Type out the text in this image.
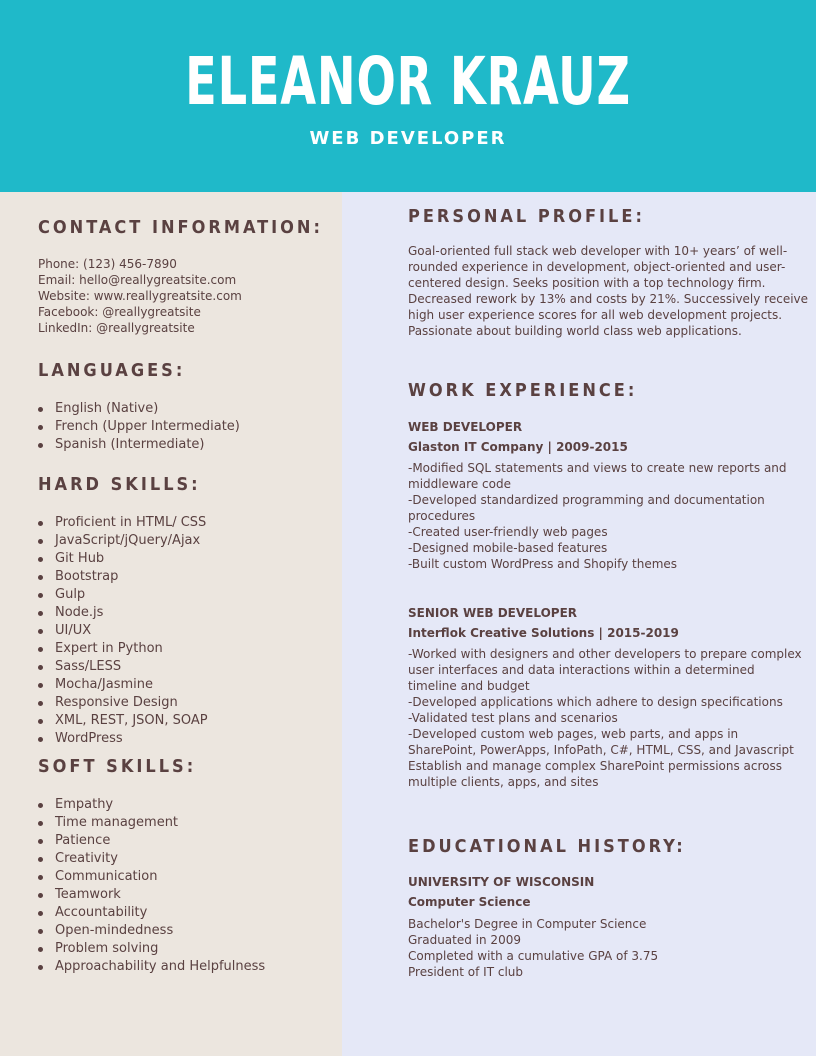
ELEANOR KRAUZ
WEB DEVELOPER
CONTACT INFORMATION:
Phone: (123) 456-7890
Email: hello@reallygreatsite.com
Website: www.reallygreatsite.com
Facebook: @reallygreatsite
LinkedIn: @reallygreatsite
LANGUAGES:
English (Native)
French (Upper Intermediate)
Spanish (Intermediate)
HARD SKILLS:
Proficient in HTML/ CSS
JavaScript/jQuery/Ajax
Git Hub
Bootstrap
Gulp
Node.js
UI/UX
Expert in Python
Sass/LESS
Mocha/Jasmine
Responsive Design
XML, REST, JSON, SOAP
WordPress
SOFT SKILLS:
Empathy
Time management
Patience
Creativity
Communication
Teamwork
Accountability
Open-mindedness
Problem solving
Approachability and Helpfulness
PERSONAL PROFILE:
Goal-oriented full stack web developer with 10+ years’ of well-
rounded experience in development, object-oriented and user-
centered design. Seeks position with a top technology firm.
Decreased rework by 13% and costs by 21%. Successively receive
high user experience scores for all web development projects.
Passionate about building world class web applications.
WORK EXPERIENCE:
WEB DEVELOPER
Glaston IT Company | 2009-2015
-Modified SQL statements and views to create new reports and
middleware code
-Developed standardized programming and documentation
procedures
-Created user-friendly web pages
-Designed mobile-based features
-Built custom WordPress and Shopify themes
SENIOR WEB DEVELOPER
Interflok Creative Solutions | 2015-2019
-Worked with designers and other developers to prepare complex
user interfaces and data interactions within a determined
timeline and budget
-Developed applications which adhere to design specifications
-Validated test plans and scenarios
-Developed custom web pages, web parts, and apps in
SharePoint, PowerApps, InfoPath, C#, HTML, CSS, and Javascript
Establish and manage complex SharePoint permissions across
multiple clients, apps, and sites
EDUCATIONAL HISTORY:
UNIVERSITY OF WISCONSIN
Computer Science
Bachelor's Degree in Computer Science
Graduated in 2009
Completed with a cumulative GPA of 3.75
President of IT club
